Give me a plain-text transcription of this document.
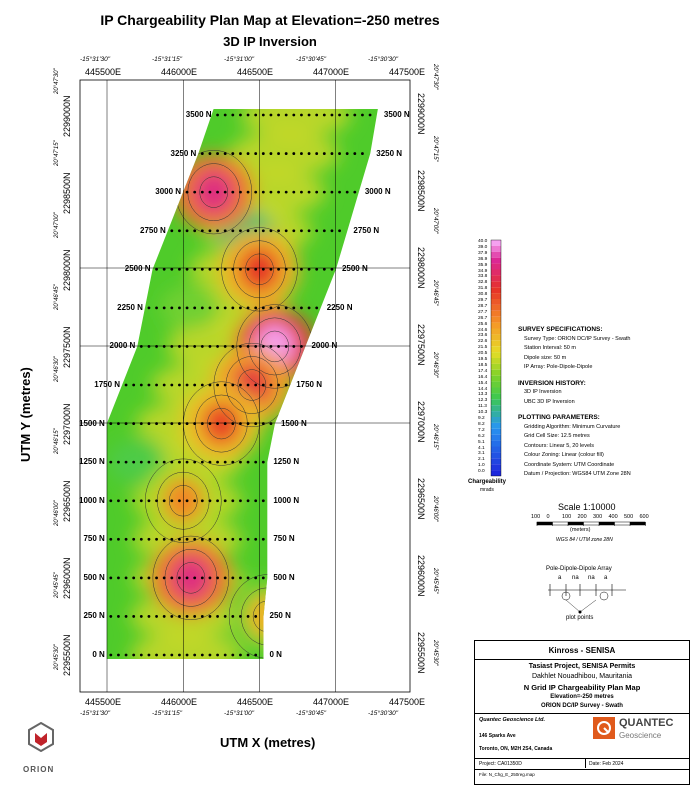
IP Chargeability Plan Map at Elevation=-250 metres
3D IP Inversion
445500E	446000E	446500E	447000E	447500E
-15°31'30"	-15°31'15"	-15°31'00"	-15°30'45"	-15°30'30"
445500E	446000E	446500E	447000E	447500E
-15°31'30"	-15°31'15"	-15°31'00"	-15°30'45"	-15°30'30"
2299000N
2298500N
2298000N
2297500N
2297000N
2296500N
2296000N
2295500N
20°47'30"
20°47'15"
20°47'00"
20°46'45"
20°46'30"
20°46'15"
20°46'00"
20°45'45"
20°45'30"
2299000N
2298500N
2298000N
2297500N
2297000N
2296500N
2296000N
2295500N
20°47'30"
20°47'15"
20°47'00"
20°46'45"
20°46'30"
20°46'15"
20°46'00"
20°45'45"
20°45'30"
3500 N	3500 N
3250 N	3250 N
3000 N	3000 N
2750 N	2750 N
2500 N	2500 N
2250 N	2250 N
2000 N	2000 N
1750 N	1750 N
1500 N	1500 N
1250 N	1250 N
1000 N	1000 N
750 N	750 N
500 N	500 N
250 N	250 N
0 N	0 N
UTM X (metres)
UTM Y (metres)
40.0
39.0
37.9
36.9
35.9
34.9
33.8
32.8
31.8
30.8
29.7
28.7
27.7
26.7
25.6
24.6
23.6
22.6
21.5
20.5
19.5
18.5
17.4
16.4
15.4
14.4
13.3
12.3
11.3
10.3
9.2
8.2
7.2
6.2
5.1
4.1
3.1
2.1
1.0
0.0
Chargeability
mrads
SURVEY SPECIFICATIONS:
Survey Type: ORION DC/IP Survey - Swath
Station Interval: 50 m
Dipole size: 50 m
IP Array: Pole-Dipole-Dipole
INVERSION HISTORY:
3D IP Inversion
UBC 3D IP Inversion
PLOTTING PARAMETERS:
Gridding Algorithm: Minimum Curvature
Grid Cell Size: 12.5 metres
Contours: Linear 5, 20 levels
Colour Zoning: Linear (colour fill)
Coordinate System: UTM Coordinate
Datum / Projection: WGS84 UTM Zone 28N
Scale 1:10000
100 0 100 200 300 400 500 600
(meters)
WGS 84 / UTM zone 28N
Pole-Dipole-Dipole Array
a na na a
plot points
Kinross - SENISA
Tasiast Project, SENISA Permits
Dakhlet Nouadhibou, Mauritania
N Grid IP Chargeability Plan Map
Elevation=-250 metres
ORION DC/IP Survey - Swath
Quantec Geoscience Ltd.
146 Sparks Ave
Toronto, ON, M2H 2S4, Canada
QUANTEC
Geoscience
Project: CA01350D	Date: Feb 2024
File: N_Chg_E_250reg.map
ORION
